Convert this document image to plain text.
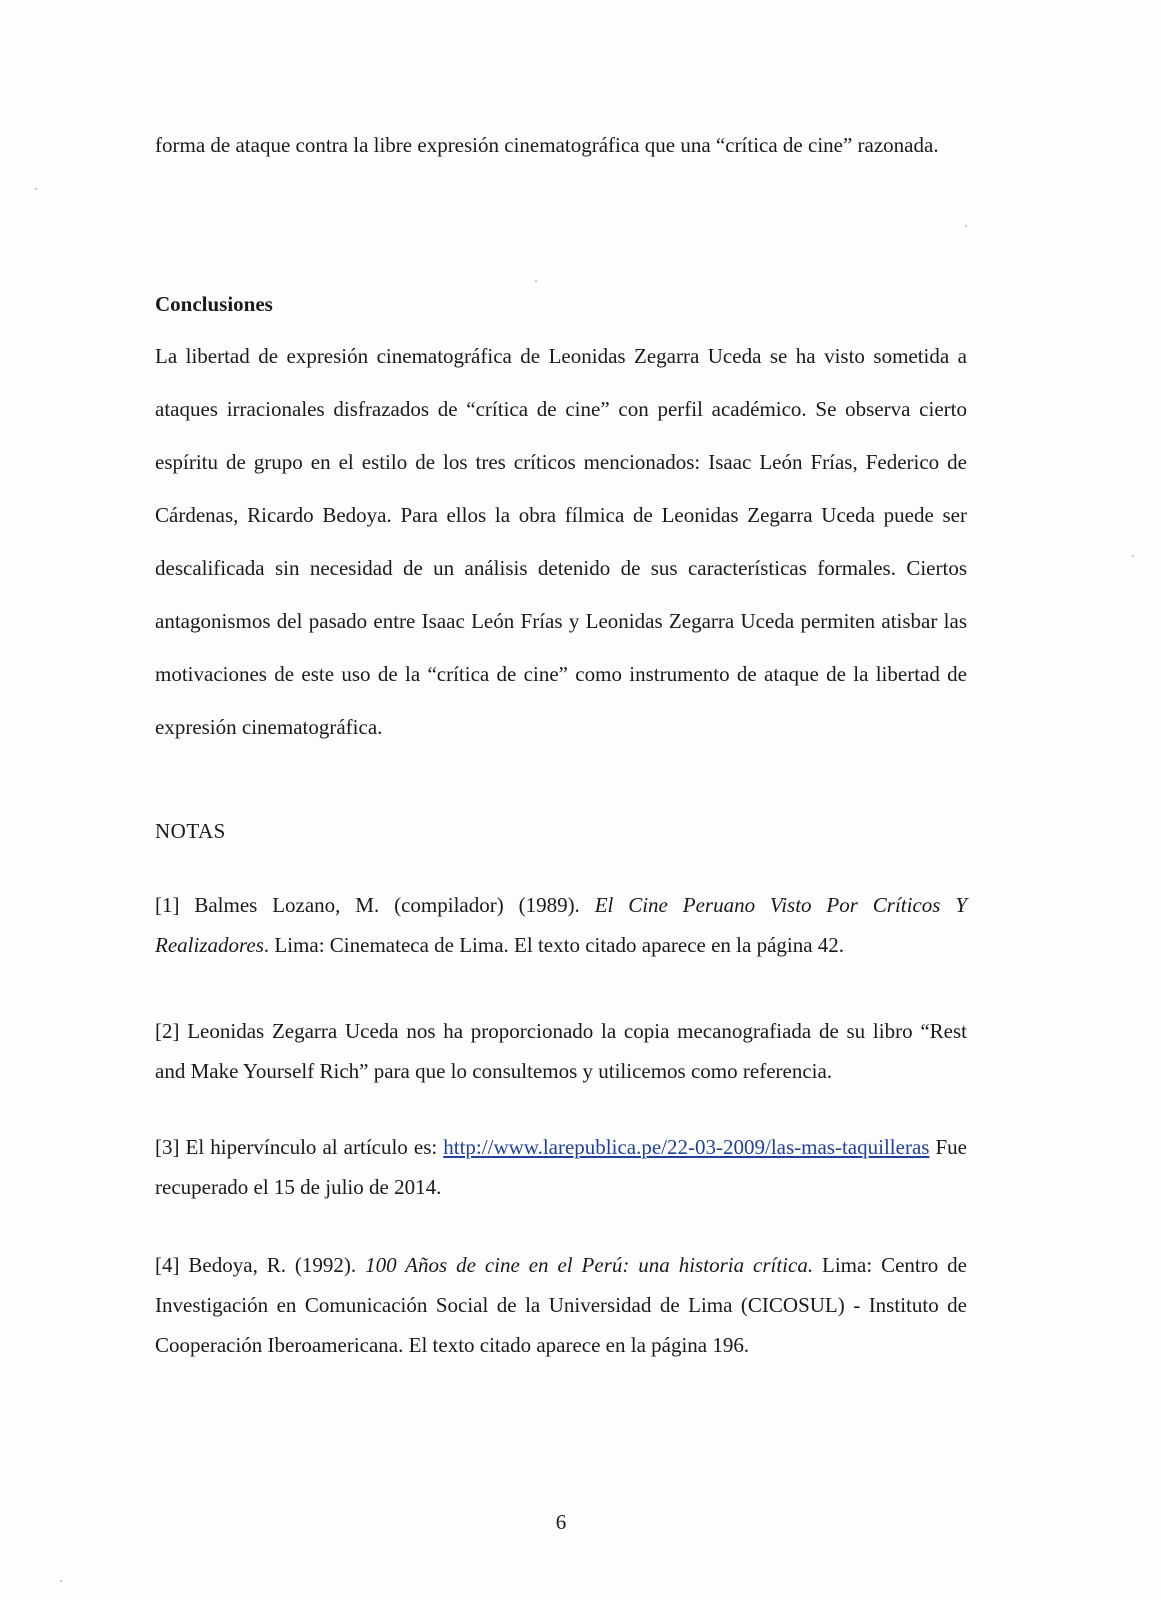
forma de ataque contra la libre expresión cinematográfica que una “crítica de cine” razonada.
Conclusiones
La libertad de expresión cinematográfica de Leonidas Zegarra Uceda se ha visto sometida a ataques irracionales disfrazados de “crítica de cine” con perfil académico. Se observa cierto espíritu de grupo en el estilo de los tres críticos mencionados: Isaac León Frías, Federico de Cárdenas, Ricardo Bedoya. Para ellos la obra fílmica de Leonidas Zegarra Uceda puede ser descalificada sin necesidad de un análisis detenido de sus características formales. Ciertos antagonismos del pasado entre Isaac León Frías y Leonidas Zegarra Uceda permiten atisbar las motivaciones de este uso de la “crítica de cine” como instrumento de ataque de la libertad de expresión cinematográfica.
NOTAS
[1] Balmes Lozano, M. (compilador) (1989). El Cine Peruano Visto Por Críticos Y Realizadores. Lima: Cinemateca de Lima. El texto citado aparece en la página 42.
[2] Leonidas Zegarra Uceda nos ha proporcionado la copia mecanografiada de su libro “Rest and Make Yourself Rich” para que lo consultemos y utilicemos como referencia.
[3] El hipervínculo al artículo es: http://www.larepublica.pe/22-03-2009/las-mas-taquilleras Fue recuperado el 15 de julio de 2014.
[4] Bedoya, R. (1992). 100 Años de cine en el Perú: una historia crítica. Lima: Centro de Investigación en Comunicación Social de la Universidad de Lima (CICOSUL) - Instituto de Cooperación Iberoamericana. El texto citado aparece en la página 196.
6
